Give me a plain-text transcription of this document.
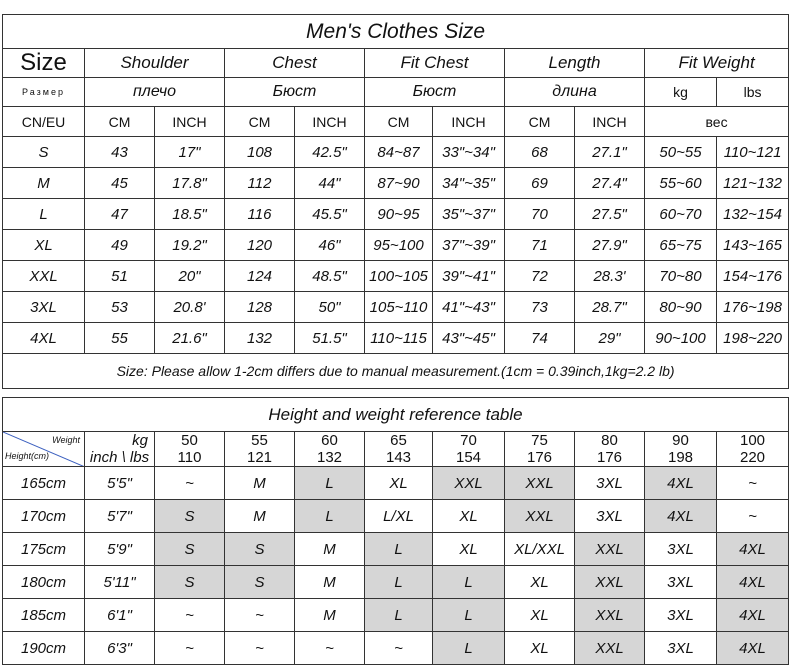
Men's Clothes Size										
Size	Shoulder		Chest		Fit Chest		Length		Fit Weight	
Размер	плечо		Бюст		Бюст		длина		kg	lbs
CN/EU	CM	INCH	CM	INCH	CM	INCH	CM	INCH	вес	
S	43	17"	108	42.5"	84~87	33"~34"	68	27.1"	50~55	110~121
M	45	17.8"	112	44"	87~90	34"~35"	69	27.4"	55~60	121~132
L	47	18.5"	116	45.5"	90~95	35"~37"	70	27.5"	60~70	132~154
XL	49	19.2"	120	46"	95~100	37"~39"	71	27.9"	65~75	143~165
XXL	51	20"	124	48.5"	100~105	39"~41"	72	28.3'	70~80	154~176
3XL	53	20.8'	128	50"	105~110	41"~43"	73	28.7"	80~90	176~198
4XL	55	21.6"	132	51.5"	110~115	43"~45"	74	29"	90~100	198~220
Size: Please allow 1-2cm differs due to manual measurement.(1cm = 0.39inch,1kg=2.2 lb)										
Height and weight reference table										

Weight
Height(cm)	kg	50	55	60	65	70	75	80	90	100
	inch \ lbs	110	121	132	143	154	176	176	198	220
165cm	5'5"	~	M	L	XL	XXL	XXL	3XL	4XL	~
170cm	5'7"	S	M	L	L/XL	XL	XXL	3XL	4XL	~
175cm	5'9"	S	S	M	L	XL	XL/XXL	XXL	3XL	4XL
180cm	5'11"	S	S	M	L	L	XL	XXL	3XL	4XL
185cm	6'1"	~	~	M	L	L	XL	XXL	3XL	4XL
190cm	6'3"	~	~	~	~	L	XL	XXL	3XL	4XL
